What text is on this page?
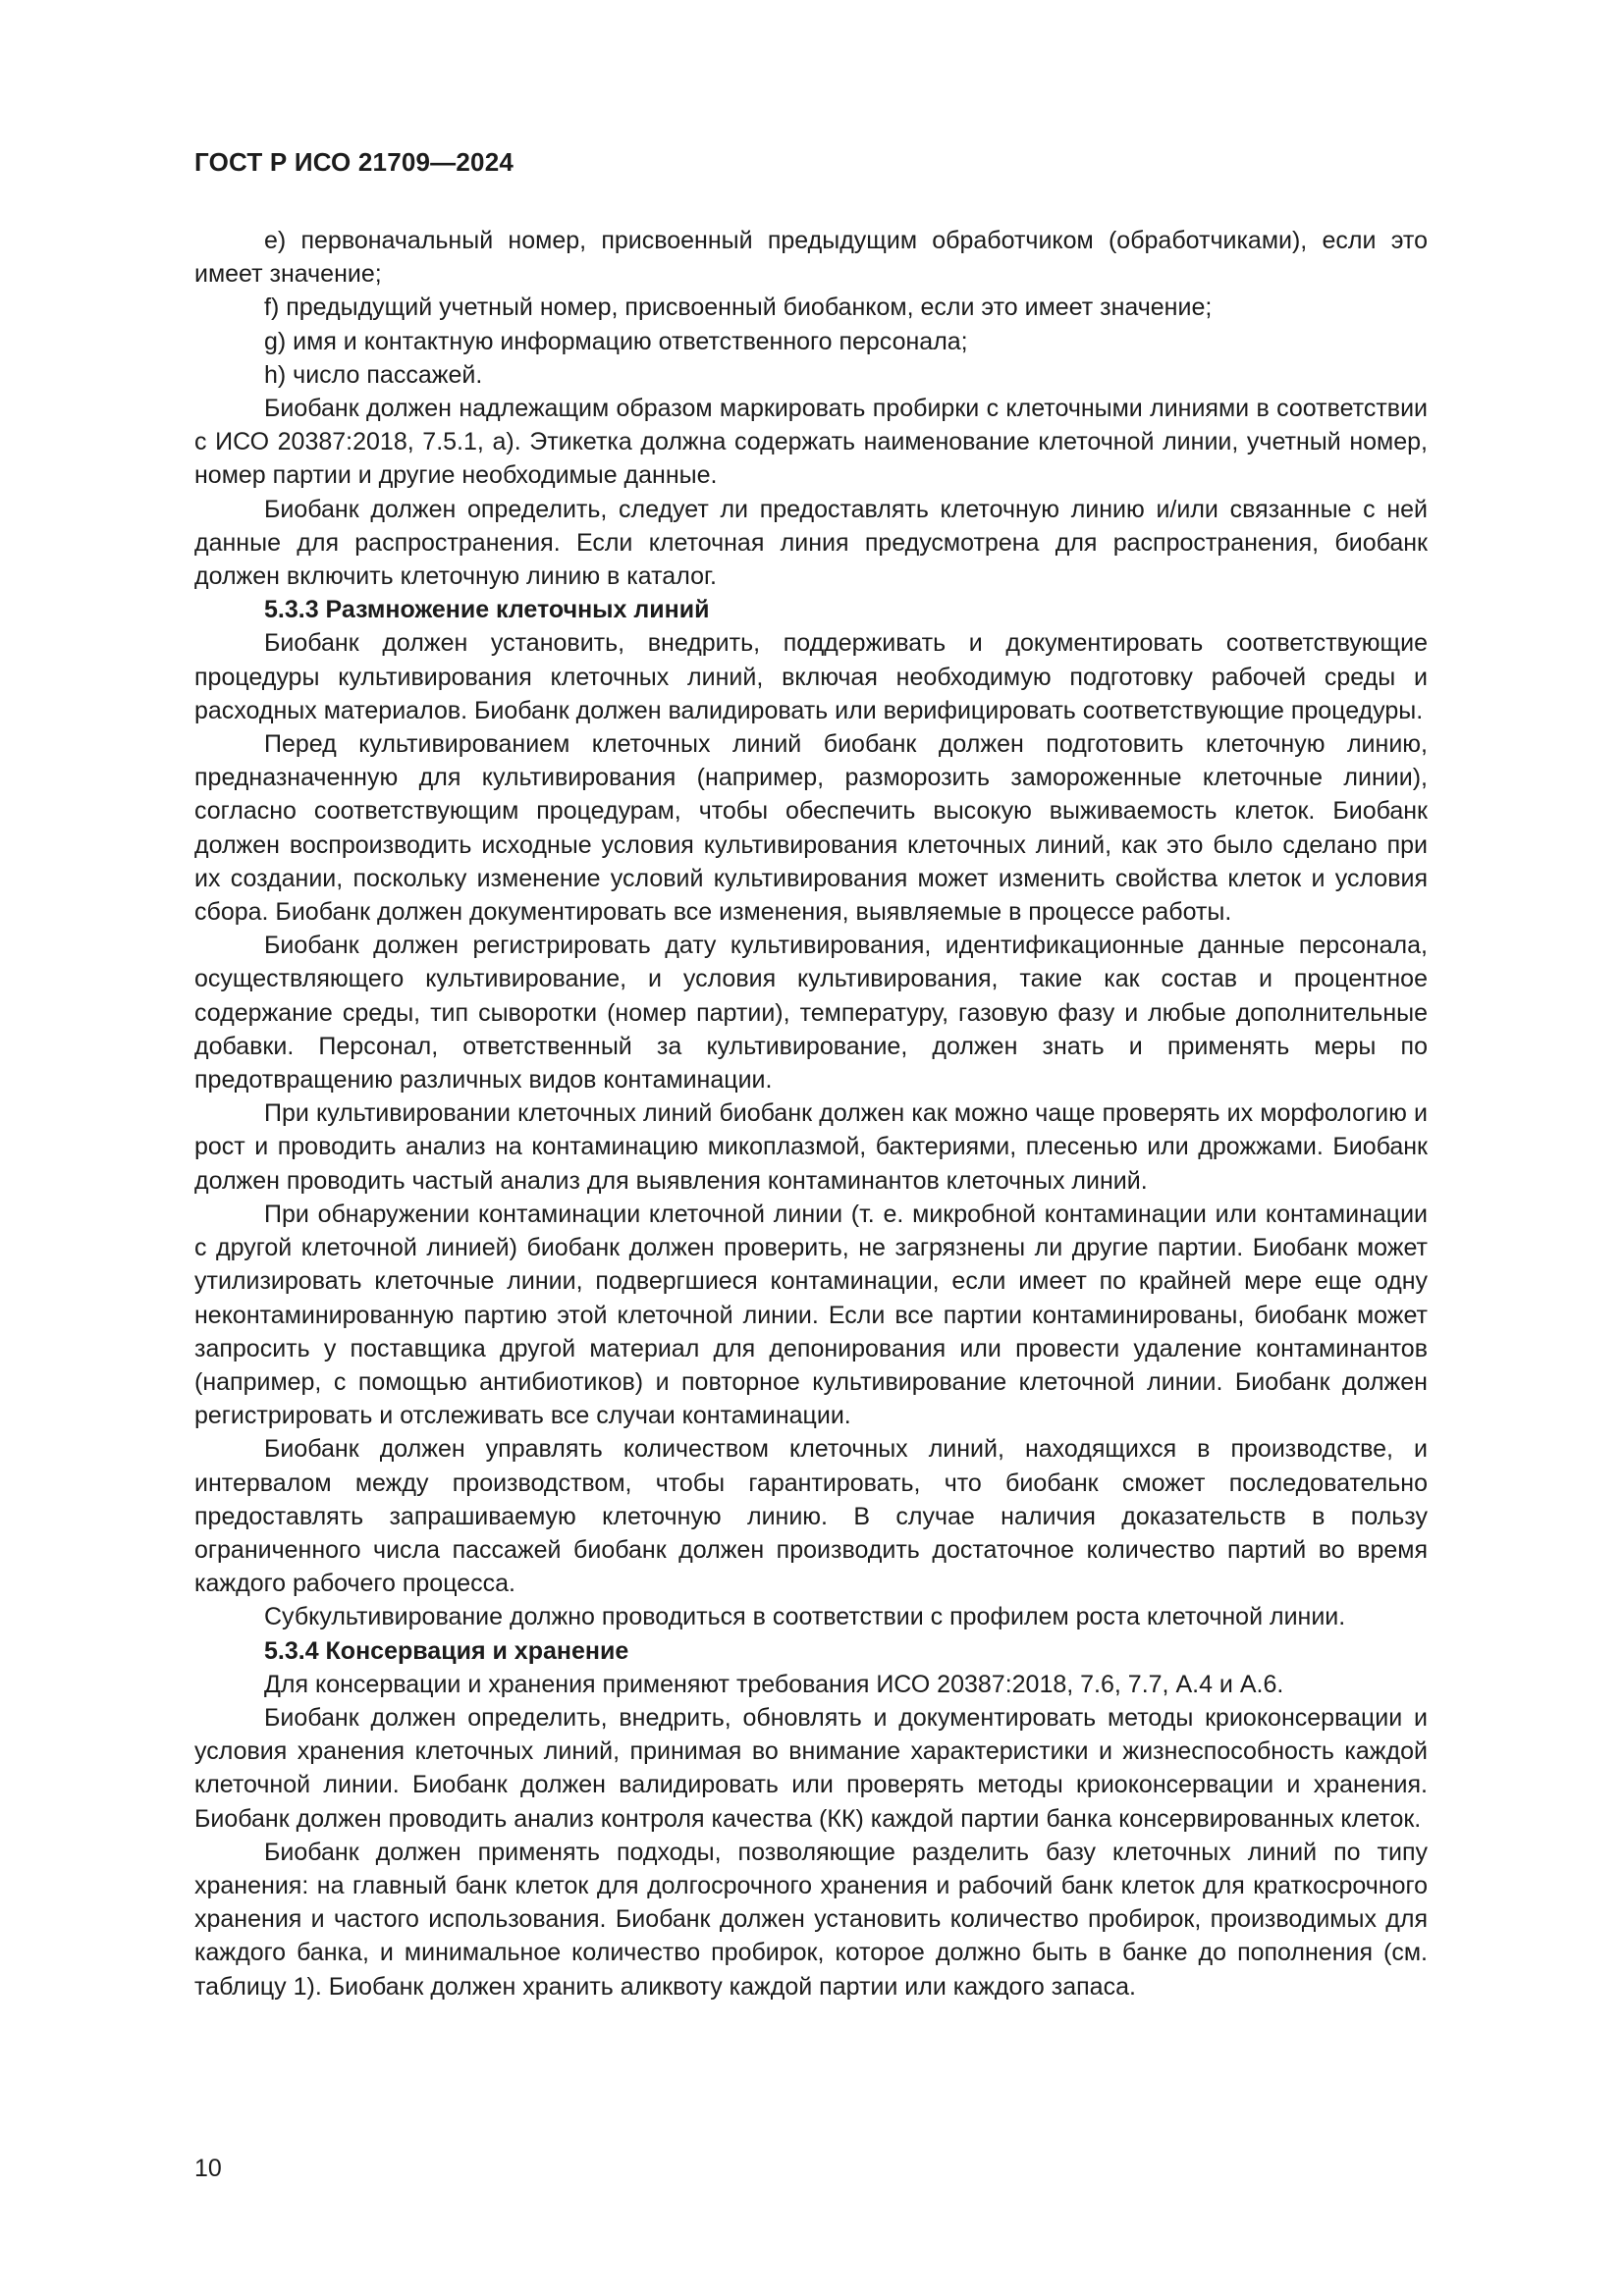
ГОСТ Р ИСО 21709—2024

е) первоначальный номер, присвоенный предыдущим обработчиком (обработчиками), если это имеет значение;

f) предыдущий учетный номер, присвоенный биобанком, если это имеет значение;

g) имя и контактную информацию ответственного персонала;

h) число пассажей.

Биобанк должен надлежащим образом маркировать пробирки с клеточными линиями в соответствии с ИСО 20387:2018, 7.5.1, а). Этикетка должна содержать наименование клеточной линии, учетный номер, номер партии и другие необходимые данные.

Биобанк должен определить, следует ли предоставлять клеточную линию и/или связанные с ней данные для распространения. Если клеточная линия предусмотрена для распространения, биобанк должен включить клеточную линию в каталог.

5.3.3 Размножение клеточных линий

Биобанк должен установить, внедрить, поддерживать и документировать соответствующие процедуры культивирования клеточных линий, включая необходимую подготовку рабочей среды и расходных материалов. Биобанк должен валидировать или верифицировать соответствующие процедуры.

Перед культивированием клеточных линий биобанк должен подготовить клеточную линию, предназначенную для культивирования (например, разморозить замороженные клеточные линии), согласно соответствующим процедурам, чтобы обеспечить высокую выживаемость клеток. Биобанк должен воспроизводить исходные условия культивирования клеточных линий, как это было сделано при их создании, поскольку изменение условий культивирования может изменить свойства клеток и условия сбора. Биобанк должен документировать все изменения, выявляемые в процессе работы.

Биобанк должен регистрировать дату культивирования, идентификационные данные персонала, осуществляющего культивирование, и условия культивирования, такие как состав и процентное содержание среды, тип сыворотки (номер партии), температуру, газовую фазу и любые дополнительные добавки. Персонал, ответственный за культивирование, должен знать и применять меры по предотвращению различных видов контаминации.

При культивировании клеточных линий биобанк должен как можно чаще проверять их морфологию и рост и проводить анализ на контаминацию микоплазмой, бактериями, плесенью или дрожжами. Биобанк должен проводить частый анализ для выявления контаминантов клеточных линий.

При обнаружении контаминации клеточной линии (т. е. микробной контаминации или контаминации с другой клеточной линией) биобанк должен проверить, не загрязнены ли другие партии. Биобанк может утилизировать клеточные линии, подвергшиеся контаминации, если имеет по крайней мере еще одну неконтаминированную партию этой клеточной линии. Если все партии контаминированы, биобанк может запросить у поставщика другой материал для депонирования или провести удаление контаминантов (например, с помощью антибиотиков) и повторное культивирование клеточной линии. Биобанк должен регистрировать и отслеживать все случаи контаминации.

Биобанк должен управлять количеством клеточных линий, находящихся в производстве, и интервалом между производством, чтобы гарантировать, что биобанк сможет последовательно предоставлять запрашиваемую клеточную линию. В случае наличия доказательств в пользу ограниченного числа пассажей биобанк должен производить достаточное количество партий во время каждого рабочего процесса.

Субкультивирование должно проводиться в соответствии с профилем роста клеточной линии.

5.3.4 Консервация и хранение

Для консервации и хранения применяют требования ИСО 20387:2018, 7.6, 7.7, А.4 и А.6.

Биобанк должен определить, внедрить, обновлять и документировать методы криоконсервации и условия хранения клеточных линий, принимая во внимание характеристики и жизнеспособность каждой клеточной линии. Биобанк должен валидировать или проверять методы криоконсервации и хранения. Биобанк должен проводить анализ контроля качества (КК) каждой партии банка консервированных клеток.

Биобанк должен применять подходы, позволяющие разделить базу клеточных линий по типу хранения: на главный банк клеток для долгосрочного хранения и рабочий банк клеток для краткосрочного хранения и частого использования. Биобанк должен установить количество пробирок, производимых для каждого банка, и минимальное количество пробирок, которое должно быть в банке до пополнения (см. таблицу 1). Биобанк должен хранить аликвоту каждой партии или каждого запаса.

10
